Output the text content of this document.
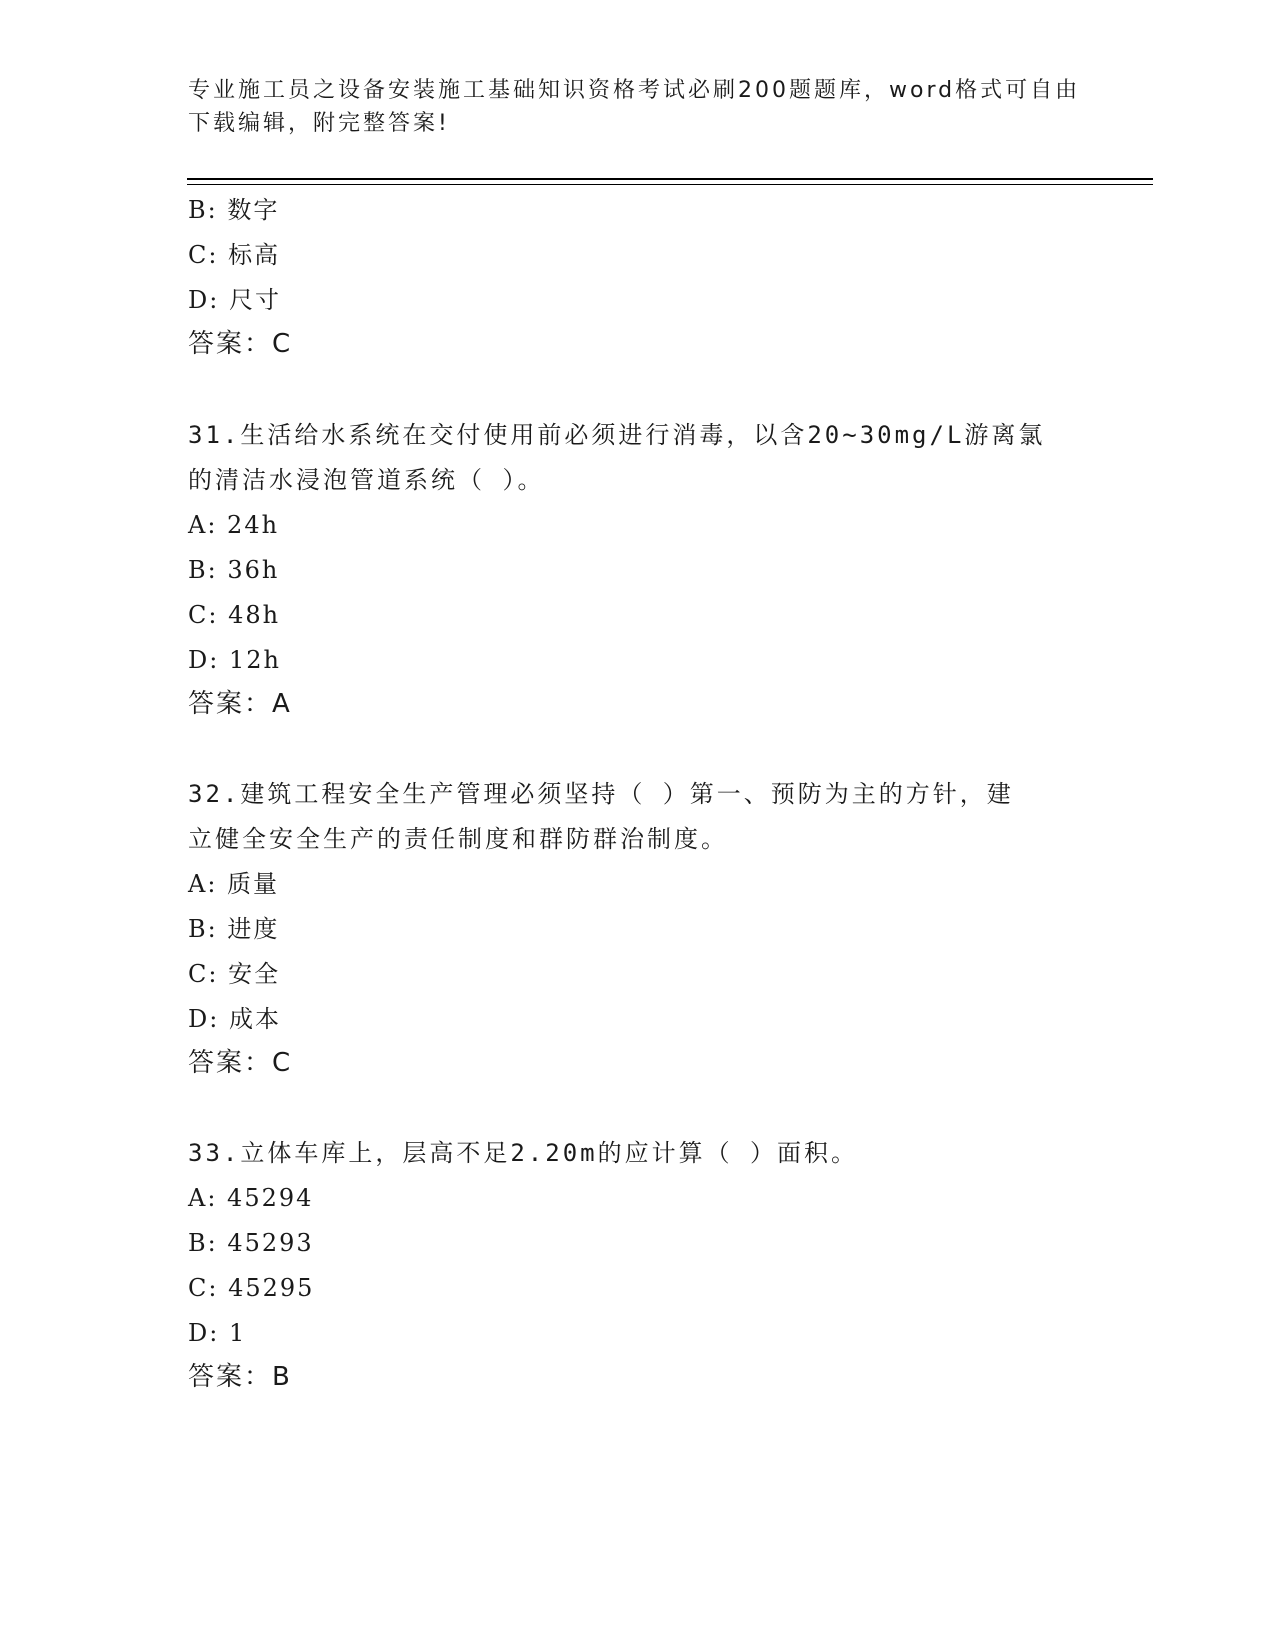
专业施工员之设备安装施工基础知识资格考试必刷200题题库，word格式可自由
下载编辑，附完整答案!
B: 数字
C: 标高
D: 尺寸
答案：C
31.生活给水系统在交付使用前必须进行消毒，以含20~30mg/L游离氯
的清洁水浸泡管道系统（ ）。
A: 24h
B: 36h
C: 48h
D: 12h
答案：A
32.建筑工程安全生产管理必须坚持（ ）第一、预防为主的方针，建
立健全安全生产的责任制度和群防群治制度。
A: 质量
B: 进度
C: 安全
D: 成本
答案：C
33.立体车库上，层高不足2.20m的应计算（ ）面积。
A: 45294
B: 45293
C: 45295
D: 1
答案：B
